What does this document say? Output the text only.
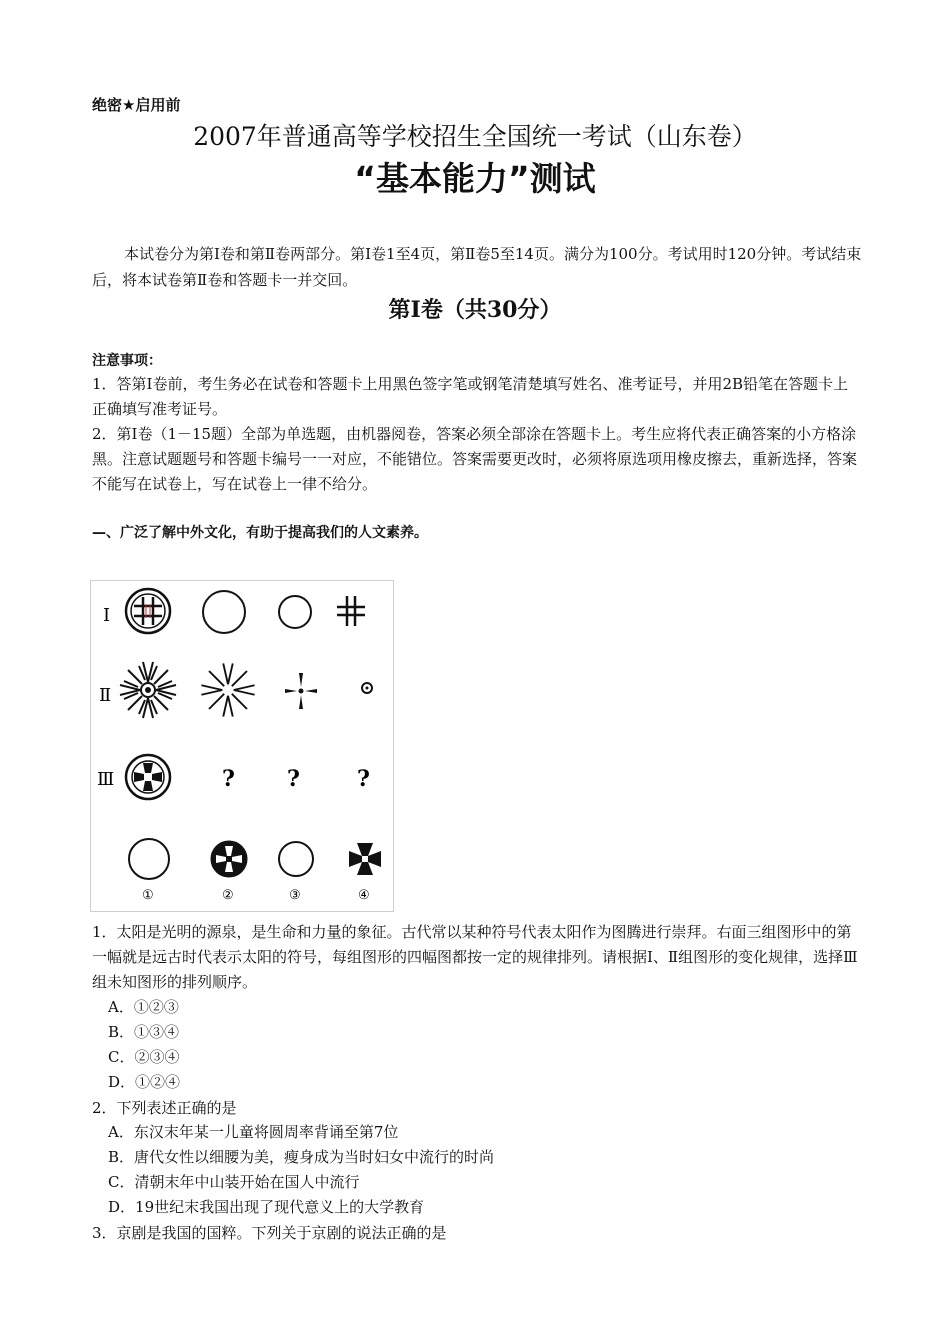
绝密★启用前
2007年普通高等学校招生全国统一考试（山东卷）
“基本能力”测试
本试卷分为第Ⅰ卷和第Ⅱ卷两部分。第Ⅰ卷1至4页，第Ⅱ卷5至14页。满分为100分。考试用时120分钟。考试结束后，将本试卷第Ⅱ卷和答题卡一并交回。
第Ⅰ卷（共30分）
注意事项：
1．答第Ⅰ卷前，考生务必在试卷和答题卡上用黑色签字笔或钢笔清楚填写姓名、准考证号，并用2B铅笔在答题卡上正确填写准考证号。
2．第Ⅰ卷（1－15题）全部为单选题，由机器阅卷，答案必须全部涂在答题卡上。考生应将代表正确答案的小方格涂黑。注意试题题号和答题卡编号一一对应，不能错位。答案需要更改时，必须将原选项用橡皮擦去，重新选择，答案不能写在试卷上，写在试卷上一律不给分。
—、广泛了解中外文化，有助于提高我们的人文素养。
Ⅰ
Ⅱ
Ⅲ	? ?	?
①	②	③	④
1．太阳是光明的源泉，是生命和力量的象征。古代常以某种符号代表太阳作为图腾进行崇拜。右面三组图形中的第一幅就是远古时代表示太阳的符号，每组图形的四幅图都按一定的规律排列。请根据Ⅰ、Ⅱ组图形的变化规律，选择Ⅲ组未知图形的排列顺序。
A．①②③
B．①③④
C．②③④
D．①②④
2．下列表述正确的是
A．东汉末年某一儿童将圆周率背诵至第7位
B．唐代女性以细腰为美，瘦身成为当时妇女中流行的时尚
C．清朝末年中山装开始在国人中流行
D．19世纪末我国出现了现代意义上的大学教育
3．京剧是我国的国粹。下列关于京剧的说法正确的是
